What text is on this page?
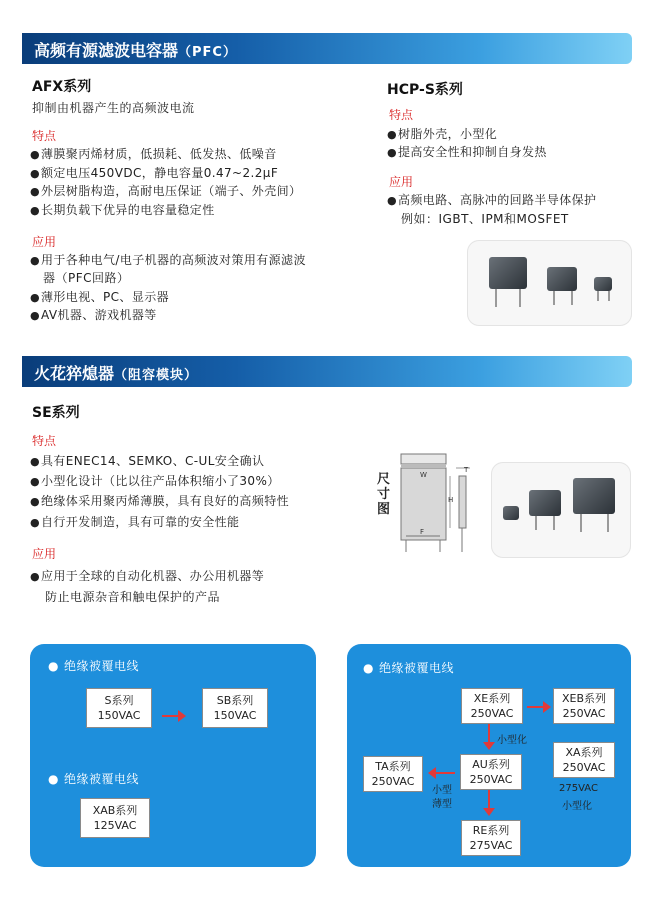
高频有源滤波电容器（PFC）
AFX系列
抑制由机器产生的高频波电流
特点
● 薄膜聚丙烯材质，低损耗、低发热、低噪音
● 额定电压450VDC，静电容量0.47~2.2μF
● 外层树脂构造，高耐电压保证（端子、外壳间）
● 长期负载下优异的电容量稳定性
应用
● 用于各种电气/电子机器的高频波对策用有源滤波
器（PFC回路）
● 薄形电视、PC、显示器
● AV机器、游戏机器等
HCP-S系列
特点
● 树脂外壳，小型化
● 提高安全性和抑制自身发热
应用
● 高频电路、高脉冲的回路半导体保护
例如：IGBT、IPM和MOSFET
火花猝熄器（阻容模块）
SE系列
特点
● 具有ENEC14、SEMKO、C-UL安全确认
● 小型化设计（比以往产品体积缩小了30%）
● 绝缘体采用聚丙烯薄膜，具有良好的高频特性
● 自行开发制造，具有可靠的安全性能
应用
● 应用于全球的自动化机器、办公用机器等
防止电源杂音和触电保护的产品
尺寸图
W
T
H
F
● 绝缘被覆电线
S系列
150VAC
SB系列
150VAC
● 绝缘被覆电线
XAB系列
125VAC
● 绝缘被覆电线
XE系列
250VAC
XEB系列
250VAC
小型化
AU系列
250VAC
XA系列
250VAC
275VAC
小型化
TA系列
250VAC
小型
薄型
RE系列
275VAC
